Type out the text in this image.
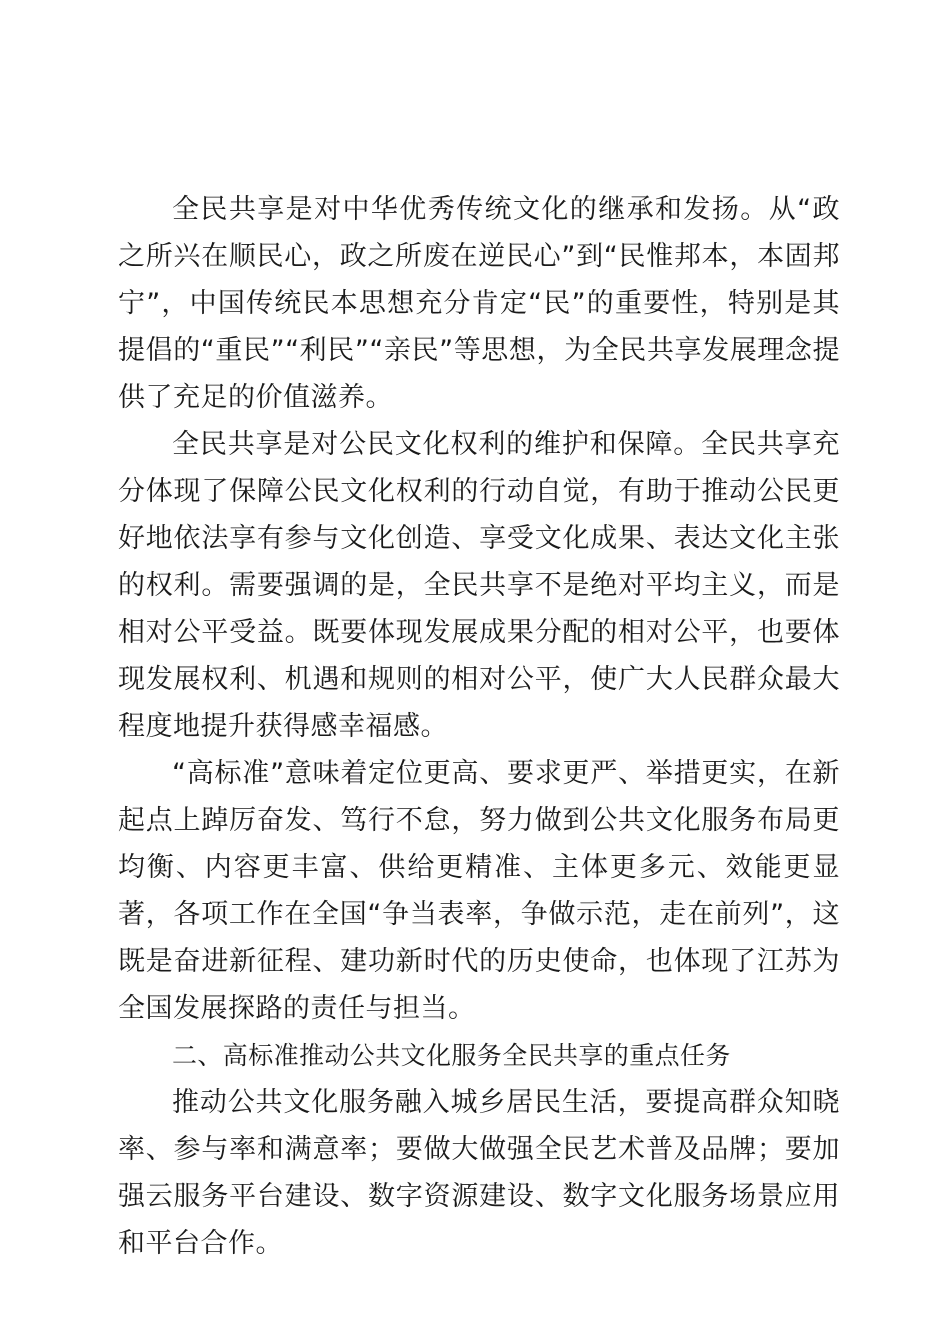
全民共享是对中华优秀传统文化的继承和发扬。从“政之所兴在顺民心，政之所废在逆民心”到“民惟邦本，本固邦宁”，中国传统民本思想充分肯定“民”的重要性，特别是其提倡的“重民”“利民”“亲民”等思想，为全民共享发展理念提供了充足的价值滋养。

全民共享是对公民文化权利的维护和保障。全民共享充分体现了保障公民文化权利的行动自觉，有助于推动公民更好地依法享有参与文化创造、享受文化成果、表达文化主张的权利。需要强调的是，全民共享不是绝对平均主义，而是相对公平受益。既要体现发展成果分配的相对公平，也要体现发展权利、机遇和规则的相对公平，使广大人民群众最大程度地提升获得感幸福感。

“高标准”意味着定位更高、要求更严、举措更实，在新起点上踔厉奋发、笃行不怠，努力做到公共文化服务布局更均衡、内容更丰富、供给更精准、主体更多元、效能更显著，各项工作在全国“争当表率，争做示范，走在前列”，这既是奋进新征程、建功新时代的历史使命，也体现了江苏为全国发展探路的责任与担当。

二、高标准推动公共文化服务全民共享的重点任务

推动公共文化服务融入城乡居民生活，要提高群众知晓率、参与率和满意率；要做大做强全民艺术普及品牌；要加强云服务平台建设、数字资源建设、数字文化服务场景应用和平台合作。
